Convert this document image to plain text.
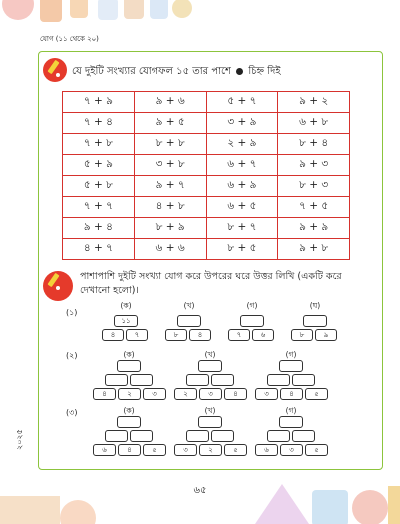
যোগ (১১ থেকে ২০)
যে দুইটি সংখ্যার যোগফল ১৫ তার পাশে চিহ্ন দিই
৭ + ৯	৯ + ৬	৫ + ৭	৯ + ২
৭ + ৪	৯ + ৫	৩ + ৯	৬ + ৮
৭ + ৮	৮ + ৮	২ + ৯	৮ + ৪
৫ + ৯	৩ + ৮	৬ + ৭	৯ + ৩
৫ + ৮	৯ + ৭	৬ + ৯	৮ + ৩
৭ + ৭	৪ + ৮	৬ + ৫	৭ + ৫
৯ + ৪	৮ + ৯	৮ + ৭	৯ + ৯
৪ + ৭	৬ + ৬	৮ + ৫	৯ + ৮
পাশাপাশি দুইটি সংখ্যা যোগ করে উপরের ঘরে উত্তর লিখি (একটি করে
দেখানো হলো)।
(১)
(ক)	(খ)	(গ)	(ঘ)
১১
৪	৭	৮	৪	৭	৬	৮	৯
(২)	(ক)	(খ)	(গ)
৪	২	৩	২	৩	৪	৩	৪	৫
(৩)	(ক)	(খ)	(গ)
৬	৪	৫	৩	২	৫	৬	৩	৫
২০২৫
৬৫
